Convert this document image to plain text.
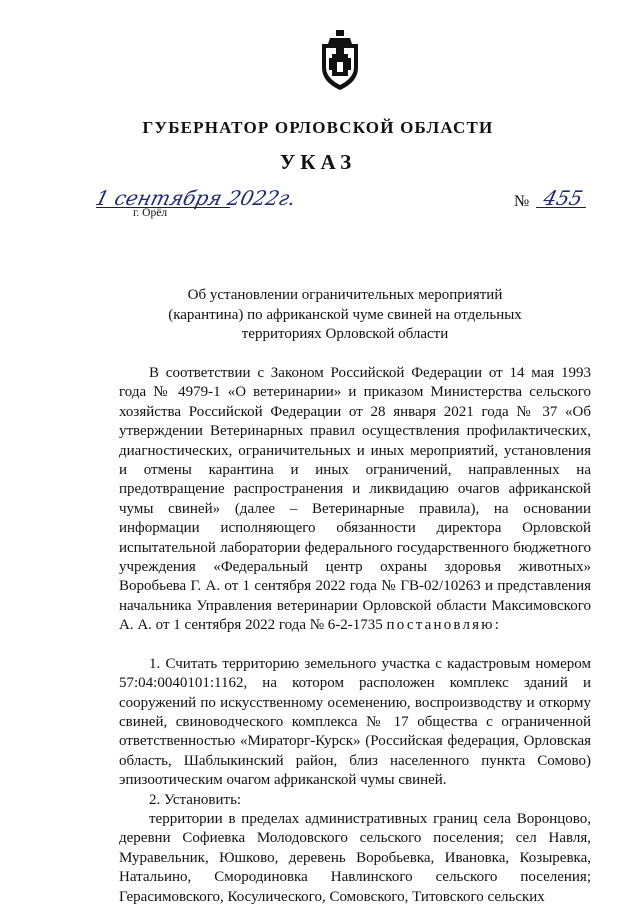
ГУБЕРНАТОР ОРЛОВСКОЙ ОБЛАСТИ
УКАЗ
1 сентября 2022г.
г. Орёл
№ 455
Об установлении ограничительных мероприятий
(карантина) по африканской чуме свиней на отдельных
территориях Орловской области

В соответствии с Законом Российской Федерации от 14 мая 1993 года № 4979-1 «О ветеринарии» и приказом Министерства сельского хозяйства Российской Федерации от 28 января 2021 года № 37 «Об утверждении Ветеринарных правил осуществления профилактических, диагностических, ограничительных и иных мероприятий, установления и отмены карантина и иных ограничений, направленных на предотвращение распространения и ликвидацию очагов африканской чумы свиней» (далее – Ветеринарные правила), на основании информации исполняющего обязанности директора Орловской испытательной лаборатории федерального государственного бюджетного учреждения «Федеральный центр охраны здоровья животных» Воробьева Г. А. от 1 сентября 2022 года № ГВ-02/10263 и представления начальника Управления ветеринарии Орловской области Максимовского А. А. от 1 сентября 2022 года № 6-2-1735 постановляю:

1. Считать территорию земельного участка с кадастровым номером 57:04:0040101:1162, на котором расположен комплекс зданий и сооружений по искусственному осеменению, воспроизводству и откорму свиней, свиноводческого комплекса № 17 общества с ограниченной ответственностью «Мираторг-Курск» (Российская федерация, Орловская область, Шаблыкинский район, близ населенного пункта Сомово) эпизоотическим очагом африканской чумы свиней.

2. Установить:

территории в пределах административных границ села Воронцово, деревни Софиевка Молодовского сельского поселения; сел Навля, Муравельник, Юшково, деревень Воробьевка, Ивановка, Козыревка, Натальино, Смородиновка Навлинского сельского поселения; Герасимовского, Косулического, Сомовского, Титовского сельских
